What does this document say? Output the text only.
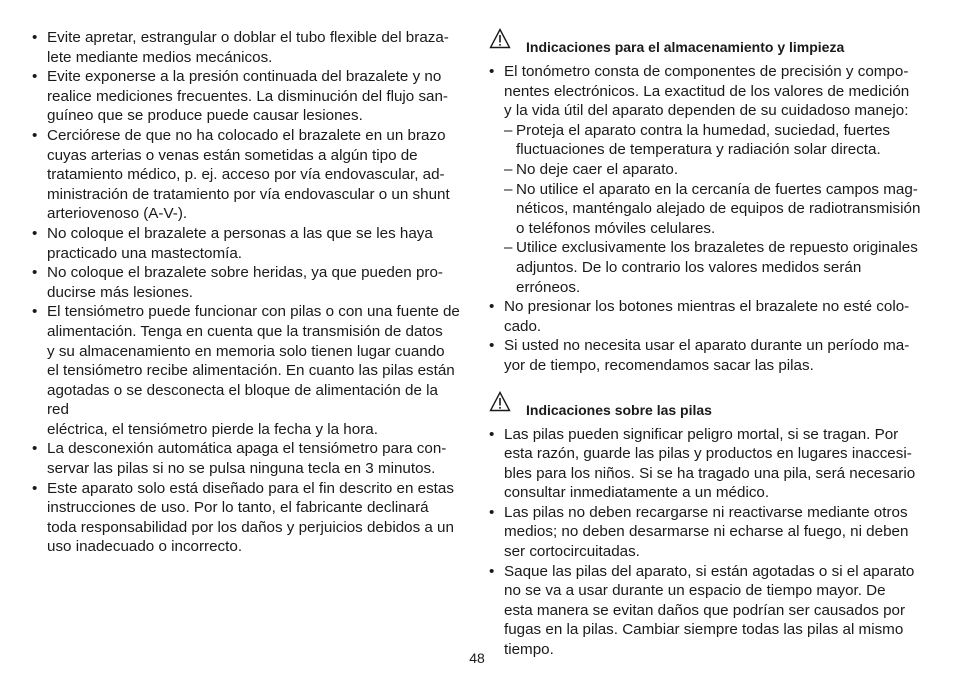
• Evite apretar, estrangular o doblar el tubo flexible del braza-
lete mediante medios mecánicos.
• Evite exponerse a la presión continuada del brazalete y no
realice mediciones frecuentes. La disminución del flujo san-
guíneo que se produce puede causar lesiones.
• Cerciórese de que no ha colocado el brazalete en un brazo
cuyas arterias o venas están sometidas a algún tipo de
tratamiento médico, p. ej. acceso por vía endovascular, ad-
ministración de tratamiento por vía endovascular o un shunt
arteriovenoso (A-V-).
• No coloque el brazalete a personas a las que se les haya
practicado una mastectomía.
• No coloque el brazalete sobre heridas, ya que pueden pro-
ducirse más lesiones.
• El tensiómetro puede funcionar con pilas o con una fuente de
alimentación. Tenga en cuenta que la transmisión de datos
y su almacenamiento en memoria solo tienen lugar cuando
el tensiómetro recibe alimentación. En cuanto las pilas están
agotadas o se desconecta el bloque de alimentación de la red
eléctrica, el tensiómetro pierde la fecha y la hora.
• La desconexión automática apaga el tensiómetro para con-
servar las pilas si no se pulsa ninguna tecla en 3 minutos.
• Este aparato solo está diseñado para el fin descrito en estas
instrucciones de uso. Por lo tanto, el fabricante declinará
toda responsabilidad por los daños y perjuicios debidos a un
uso inadecuado o incorrecto.
Indicaciones para el almacenamiento y limpieza
• El tonómetro consta de componentes de precisión y compo-
nentes electrónicos. La exactitud de los valores de medición
y la vida útil del aparato dependen de su cuidadoso manejo:
– Proteja el aparato contra la humedad, suciedad, fuertes
fluctuaciones de temperatura y radiación solar directa.
– No deje caer el aparato.
– No utilice el aparato en la cercanía de fuertes campos mag-
néticos, manténgalo alejado de equipos de radiotransmisión
o teléfonos móviles celulares.
– Utilice exclusivamente los brazaletes de repuesto originales
adjuntos. De lo contrario los valores medidos serán erróneos.
• No presionar los botones mientras el brazalete no esté colo-
cado.
• Si usted no necesita usar el aparato durante un período ma-
yor de tiempo, recomendamos sacar las pilas.
Indicaciones sobre las pilas
• Las pilas pueden significar peligro mortal, si se tragan. Por
esta razón, guarde las pilas y productos en lugares inaccesi-
bles para los niños. Si se ha tragado una pila, será necesario
consultar inmediatamente a un médico.
• Las pilas no deben recargarse ni reactivarse mediante otros
medios; no deben desarmarse ni echarse al fuego, ni deben
ser cortocircuitadas.
• Saque las pilas del aparato, si están agotadas o si el aparato
no se va a usar durante un espacio de tiempo mayor. De
esta manera se evitan daños que podrían ser causados por
fugas en la pilas. Cambiar siempre todas las pilas al mismo
tiempo.
48
